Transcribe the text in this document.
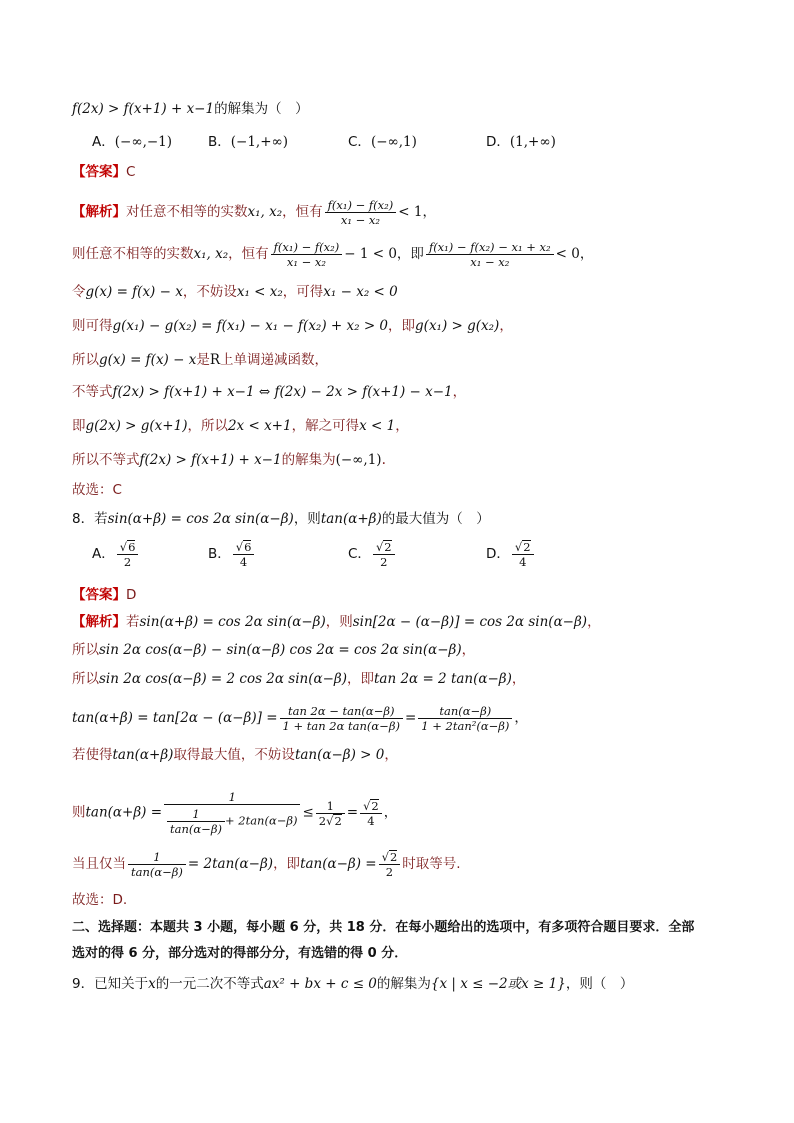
f(2x) > f(x+1) + x−1的解集为（　）
A．(−∞,−1)	B．(−1,+∞)	C．(−∞,1)	D．(1,+∞)
【答案】C
【解析】对任意不相等的实数x₁, x₂，恒有 $\frac{\text{f(x₁) − f(x₂)}}{\text{x₁ − x₂}} < 1$，
则任意不相等的实数x₁, x₂，恒有 $\frac{\text{f(x₁) − f(x₂)}}{\text{x₁ − x₂}} - 1 < 0$，即 $\frac{\text{f(x₁) − f(x₂) − x₁ + x₂}}{\text{x₁ − x₂}} < 0$，
令g(x) = f(x) − x，不妨设x₁ < x₂，可得x₁ − x₂ < 0
则可得g(x₁) − g(x₂) = f(x₁) − x₁ − f(x₂) + x₂ > 0，即g(x₁) > g(x₂)，
所以g(x) = f(x) − x是R上单调递减函数，
不等式f(2x) > f(x+1) + x−1 ⇔ f(2x) − 2x > f(x+1) − x−1，
即g(2x) > g(x+1)，所以2x < x+1，解之可得x < 1，
所以不等式f(2x) > f(x+1) + x−1的解集为(−∞,1).
故选：C
8．若sin(α+β) = cos 2α sin(α−β)，则tan(α+β)的最大值为（　）
A． $\frac{√6}{2}$	B． $\frac{√6}{4}$	C． $\frac{√2}{2}$	D． $\frac{√2}{4}$
【答案】D
【解析】若sin(α+β) = cos 2α sin(α−β)，则sin[2α − (α−β)] = cos 2α sin(α−β)，
所以sin 2α cos(α−β) − sin(α−β) cos 2α = cos 2α sin(α−β)，
所以sin 2α cos(α−β) = 2 cos 2α sin(α−β)，即tan 2α = 2 tan(α−β)，
$\tan(\alpha+\beta) = \tan[2\alpha - (\alpha-\beta)] = \frac{\tan 2\alpha - \tan(\alpha-\beta)}{\text{1 + tan 2α tan(α−β)}} = \frac{\tan(\alpha-\beta)}{\text{1 + 2tan²(α−β)}}$ ，
若使得tan(α+β)取得最大值，不妨设tan(α−β) > 0，
则$\tan(\alpha+\beta) = \frac{1}{\frac{1}{\tan(\alpha-\beta)} + 2\tan(\alpha-\beta)} \le \frac{1}{2√2} = \frac{√2}{4}$ ，
当且仅当 $\frac{1}{\tan(\alpha-\beta)} = 2\tan(\alpha-\beta)$，即$\tan(\alpha-\beta) = \frac{√2}{2}$ 时取等号.
故选：D.
二、选择题：本题共 3 小题，每小题 6 分，共 18 分．在每小题给出的选项中，有多项符合题目要求．全部
选对的得 6 分，部分选对的得部分分，有选错的得 0 分．
9．已知关于x的一元二次不等式ax² + bx + c ≤ 0的解集为{x | x ≤ −2或x ≥ 1}，则（　）
